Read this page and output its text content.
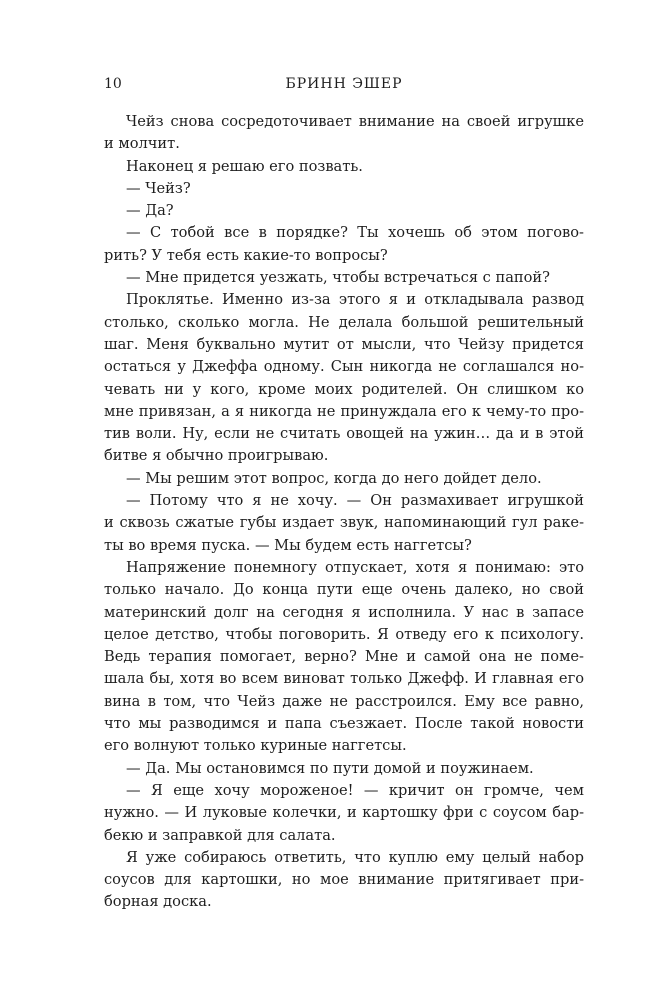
10	БРИНН ЭШЕР
Чейз снова сосредоточивает внимание на своей игрушке
и молчит.
Наконец я решаю его позвать.
— Чейз?
— Да?
— С тобой все в порядке? Ты хочешь об этом погово-
рить? У тебя есть какие-то вопросы?
— Мне придется уезжать, чтобы встречаться с папой?
Проклятье. Именно из-за этого я и откладывала развод
столько, сколько могла. Не делала большой решительный
шаг. Меня буквально мутит от мысли, что Чейзу придется
остаться у Джеффа одному. Сын никогда не соглашался но-
чевать ни у кого, кроме моих родителей. Он слишком ко
мне привязан, а я никогда не принуждала его к чему-то про-
тив воли. Ну, если не считать овощей на ужин… да и в этой
битве я обычно проигрываю.
— Мы решим этот вопрос, когда до него дойдет дело.
— Потому что я не хочу. — Он размахивает игрушкой
и сквозь сжатые губы издает звук, напоминающий гул раке-
ты во время пуска. — Мы будем есть наггетсы?
Напряжение понемногу отпускает, хотя я понимаю: это
только начало. До конца пути еще очень далеко, но свой
материнский долг на сегодня я исполнила. У нас в запасе
целое детство, чтобы поговорить. Я отведу его к психологу.
Ведь терапия помогает, верно? Мне и самой она не поме-
шала бы, хотя во всем виноват только Джефф. И главная его
вина в том, что Чейз даже не расстроился. Ему все равно,
что мы разводимся и папа съезжает. После такой новости
его волнуют только куриные наггетсы.
— Да. Мы остановимся по пути домой и поужинаем.
— Я еще хочу мороженое! — кричит он громче, чем
нужно. — И луковые колечки, и картошку фри с соусом бар-
бекю и заправкой для салата.
Я уже собираюсь ответить, что куплю ему целый набор
соусов для картошки, но мое внимание притягивает при-
борная доска.
